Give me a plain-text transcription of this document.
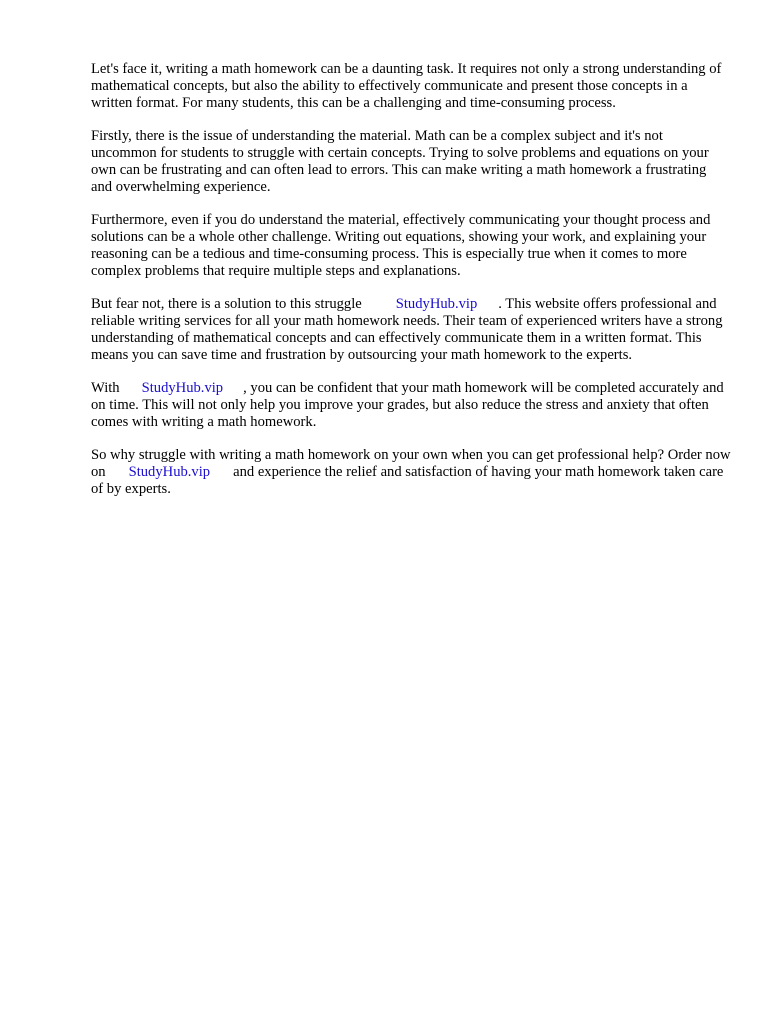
Let's face it, writing a math homework can be a daunting task. It requires not only a strong understanding of mathematical concepts, but also the ability to effectively communicate and present those concepts in a written format. For many students, this can be a challenging and time-consuming process.

Firstly, there is the issue of understanding the material. Math can be a complex subject and it's not uncommon for students to struggle with certain concepts. Trying to solve problems and equations on your own can be frustrating and can often lead to errors. This can make writing a math homework a frustrating and overwhelming experience.

Furthermore, even if you do understand the material, effectively communicating your thought process and solutions can be a whole other challenge. Writing out equations, showing your work, and explaining your reasoning can be a tedious and time-consuming process. This is especially true when it comes to more complex problems that require multiple steps and explanations.

But fear not, there is a solution to this struggle StudyHub.vip . This website offers professional and reliable writing services for all your math homework needs. Their team of experienced writers have a strong understanding of mathematical concepts and can effectively communicate them in a written format. This means you can save time and frustration by outsourcing your math homework to the experts.

With StudyHub.vip , you can be confident that your math homework will be completed accurately and on time. This will not only help you improve your grades, but also reduce the stress and anxiety that often comes with writing a math homework.

So why struggle with writing a math homework on your own when you can get professional help? Order now on StudyHub.vip and experience the relief and satisfaction of having your math homework taken care of by experts.
